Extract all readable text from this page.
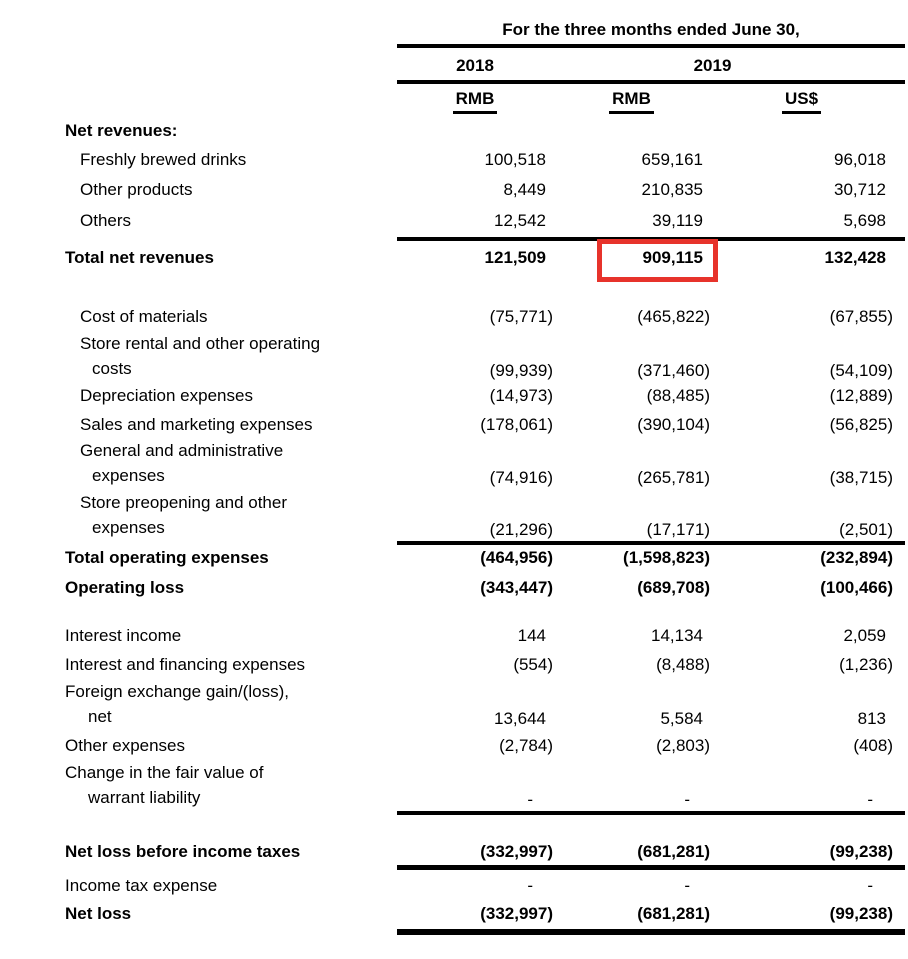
For the three months ended June 30,
2018	2019
RMB	RMB	US$
Net revenues:
Freshly brewed drinks	100,518	659,161	96,018
Other products	8,449	210,835	30,712
Others	12,542	39,119	5,698
Total net revenues	121,509	909,115	132,428
Cost of materials	(75,771)	(465,822)	(67,855)
Store rental and other operating
costs	(99,939)	(371,460)	(54,109)
Depreciation expenses	(14,973)	(88,485)	(12,889)
Sales and marketing expenses	(178,061)	(390,104)	(56,825)
General and administrative
expenses	(74,916)	(265,781)	(38,715)
Store preopening and other
expenses	(21,296)	(17,171)	(2,501)
Total operating expenses	(464,956)	(1,598,823)	(232,894)
Operating loss	(343,447)	(689,708)	(100,466)
Interest income	144	14,134	2,059
Interest and financing expenses	(554)	(8,488)	(1,236)
Foreign exchange gain/(loss),
net	13,644	5,584	813
Other expenses	(2,784)	(2,803)	(408)
Change in the fair value of
warrant liability	-	-	-
Net loss before income taxes	(332,997)	(681,281)	(99,238)
Income tax expense	-	-	-
Net loss	(332,997)	(681,281)	(99,238)
